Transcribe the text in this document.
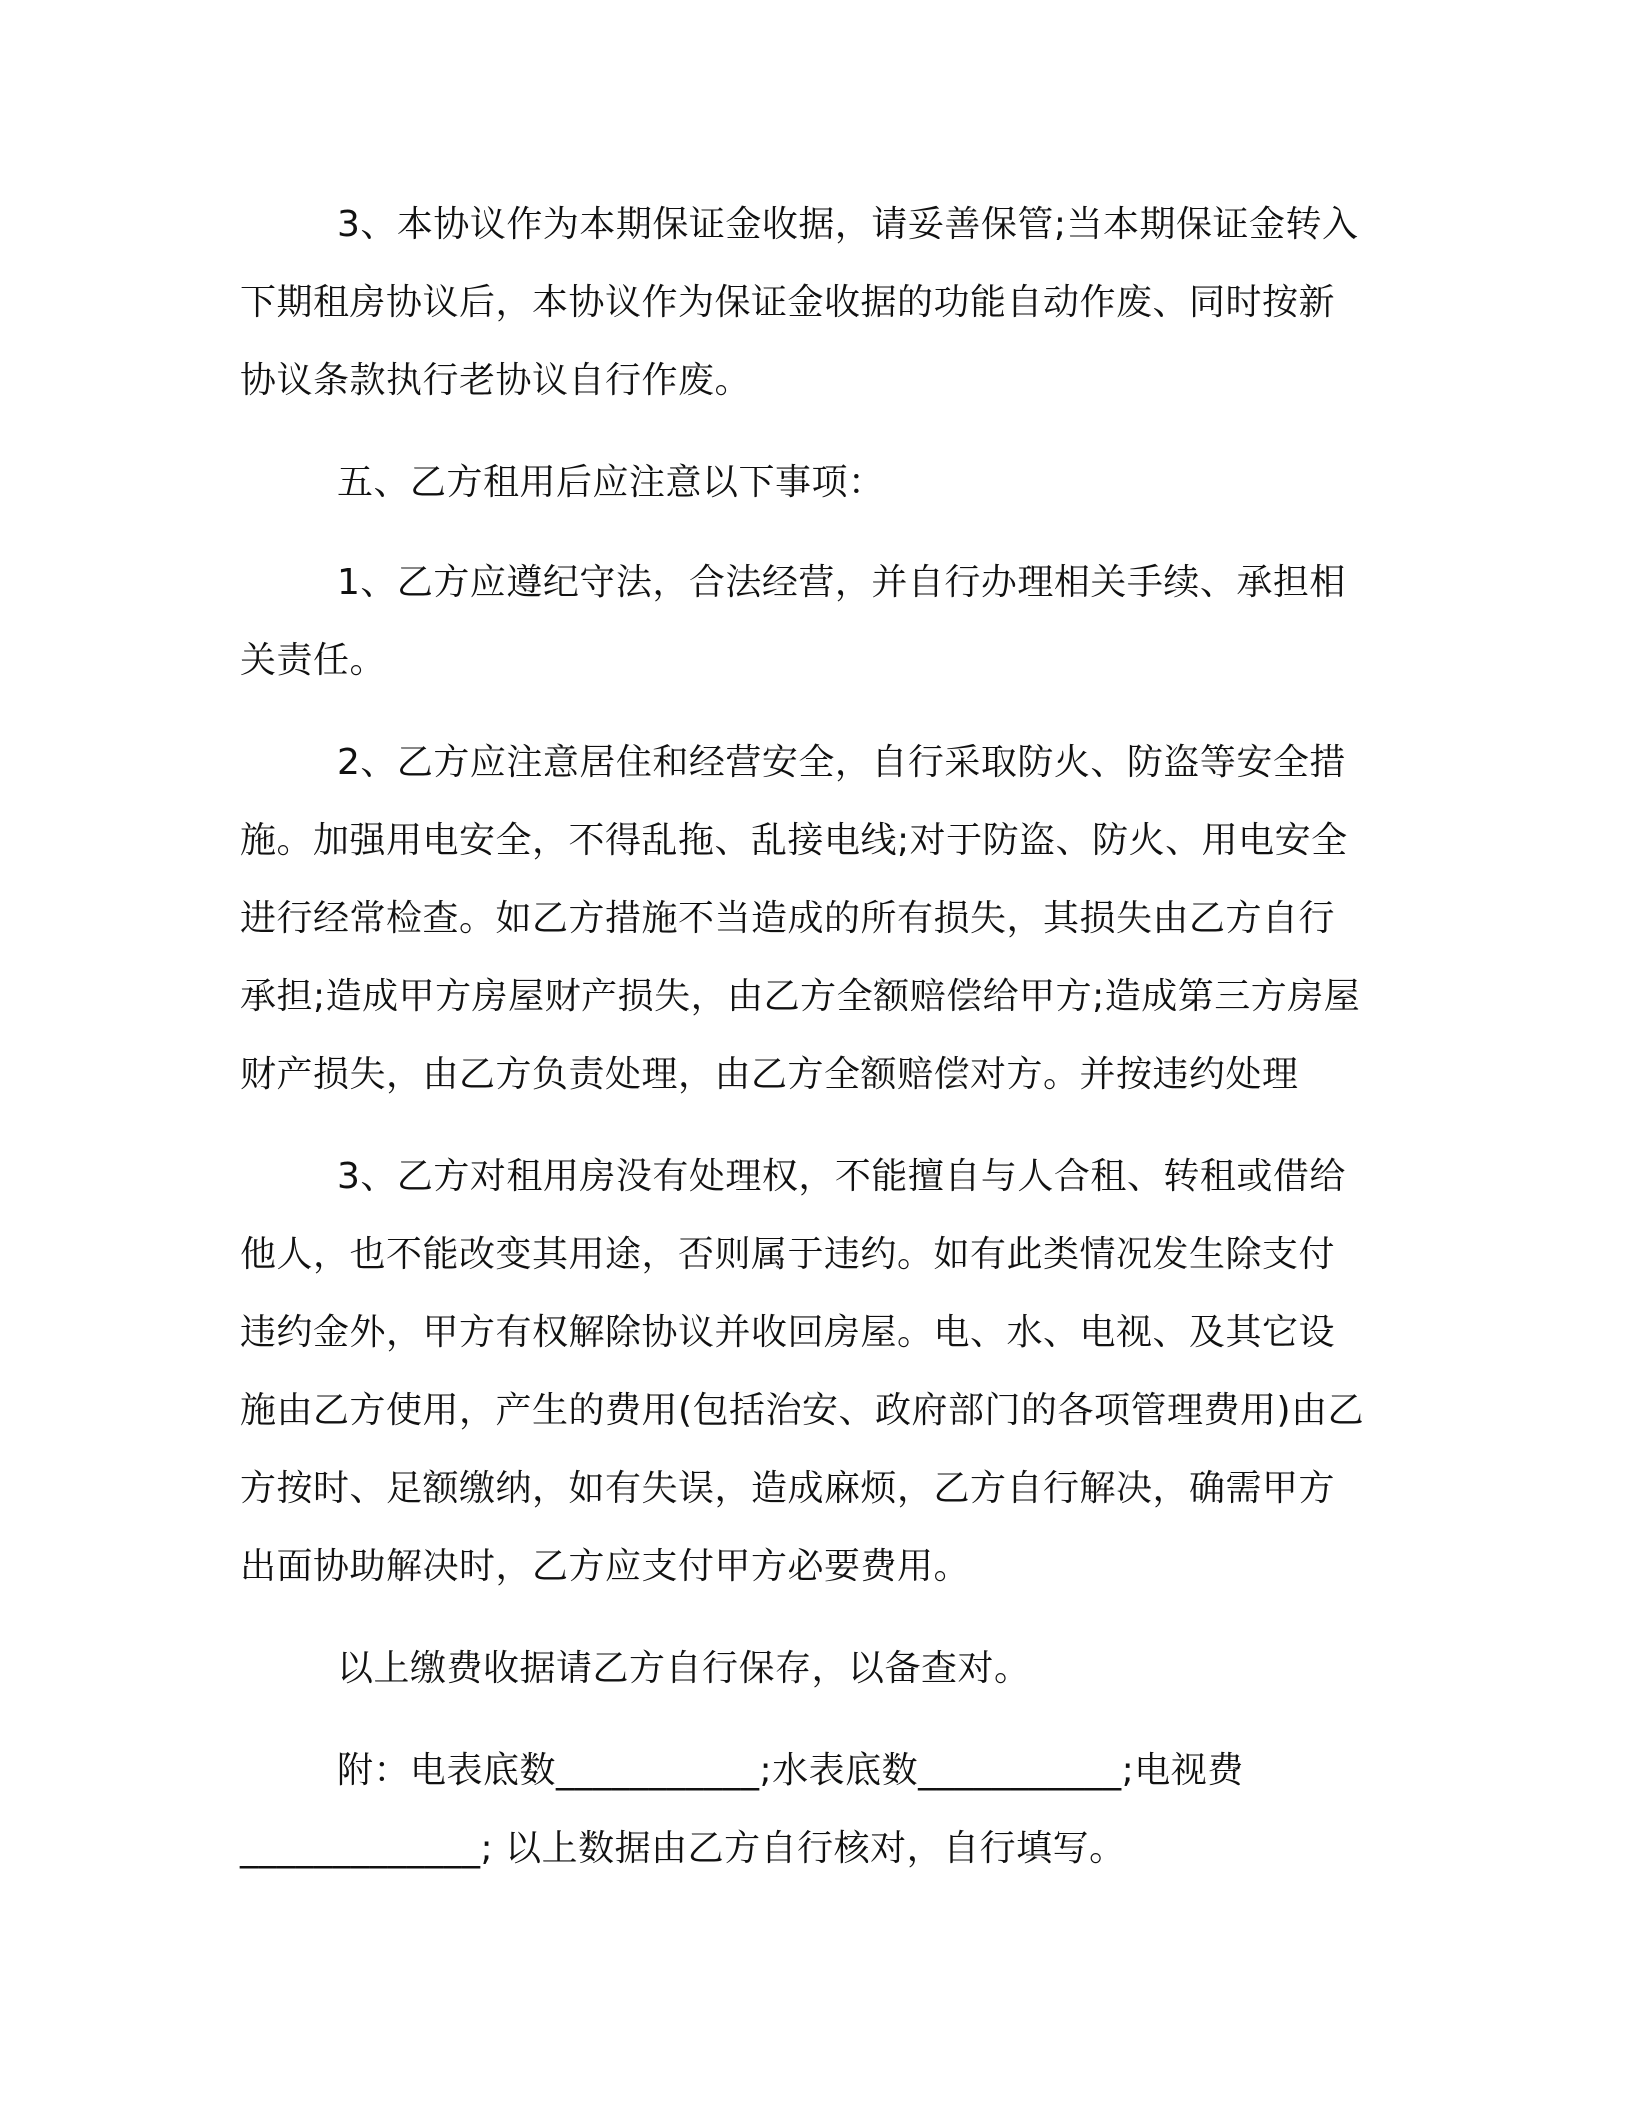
3、本协议作为本期保证金收据，请妥善保管;当本期保证金转入
下期租房协议后，本协议作为保证金收据的功能自动作废、同时按新
协议条款执行老协议自行作废。
五、乙方租用后应注意以下事项：
1、乙方应遵纪守法，合法经营，并自行办理相关手续、承担相
关责任。
2、乙方应注意居住和经营安全，自行采取防火、防盗等安全措
施。加强用电安全，不得乱拖、乱接电线;对于防盗、防火、用电安全
进行经常检查。如乙方措施不当造成的所有损失，其损失由乙方自行
承担;造成甲方房屋财产损失，由乙方全额赔偿给甲方;造成第三方房屋
财产损失，由乙方负责处理，由乙方全额赔偿对方。并按违约处理
3、乙方对租用房没有处理权，不能擅自与人合租、转租或借给
他人，也不能改变其用途，否则属于违约。如有此类情况发生除支付
违约金外，甲方有权解除协议并收回房屋。电、水、电视、及其它设
施由乙方使用，产生的费用(包括治安、政府部门的各项管理费用)由乙
方按时、足额缴纳，如有失误，造成麻烦，乙方自行解决，确需甲方
出面协助解决时，乙方应支付甲方必要费用。
以上缴费收据请乙方自行保存，以备查对。
附：电表底数___________;水表底数___________;电视费
_____________; 以上数据由乙方自行核对，自行填写。
